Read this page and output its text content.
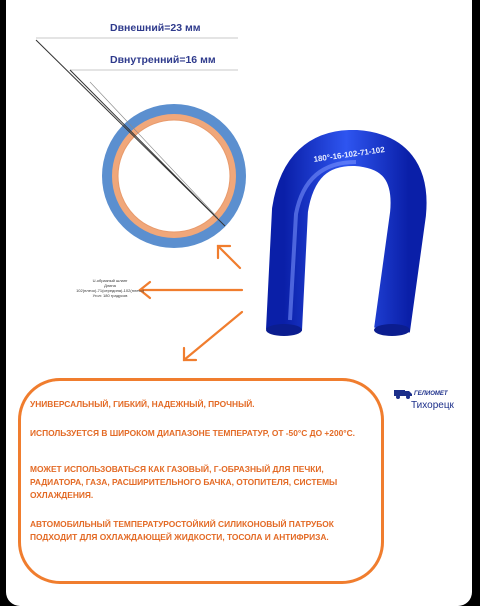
Dвнешний=23 мм
Dвнутренний=16 мм
U-образный шланг
Длина
102(плечо)-71(середина)-102(плечо)
Угол: 180 градусов
180°-16-102-71-102
ГЕЛИОМЕТ
Тихорецк
УНИВЕРСАЛЬНЫЙ, ГИБКИЙ, НАДЕЖНЫЙ, ПРОЧНЫЙ.
ИСПОЛЬЗУЕТСЯ В ШИРОКОМ ДИАПАЗОНЕ ТЕМПЕРАТУР, ОТ -50°С ДО +200°С.
МОЖЕТ ИСПОЛЬЗОВАТЬСЯ КАК ГАЗОВЫЙ, Г-ОБРАЗНЫЙ ДЛЯ ПЕЧКИ, РАДИАТОРА, ГАЗА, РАСШИРИТЕЛЬНОГО БАЧКА, ОТОПИТЕЛЯ, СИСТЕМЫ ОХЛАЖДЕНИЯ.
АВТОМОБИЛЬНЫЙ ТЕМПЕРАТУРОСТОЙКИЙ СИЛИКОНОВЫЙ ПАТРУБОК ПОДХОДИТ ДЛЯ ОХЛАЖДАЮЩЕЙ ЖИДКОСТИ, ТОСОЛА И АНТИФРИЗА.
